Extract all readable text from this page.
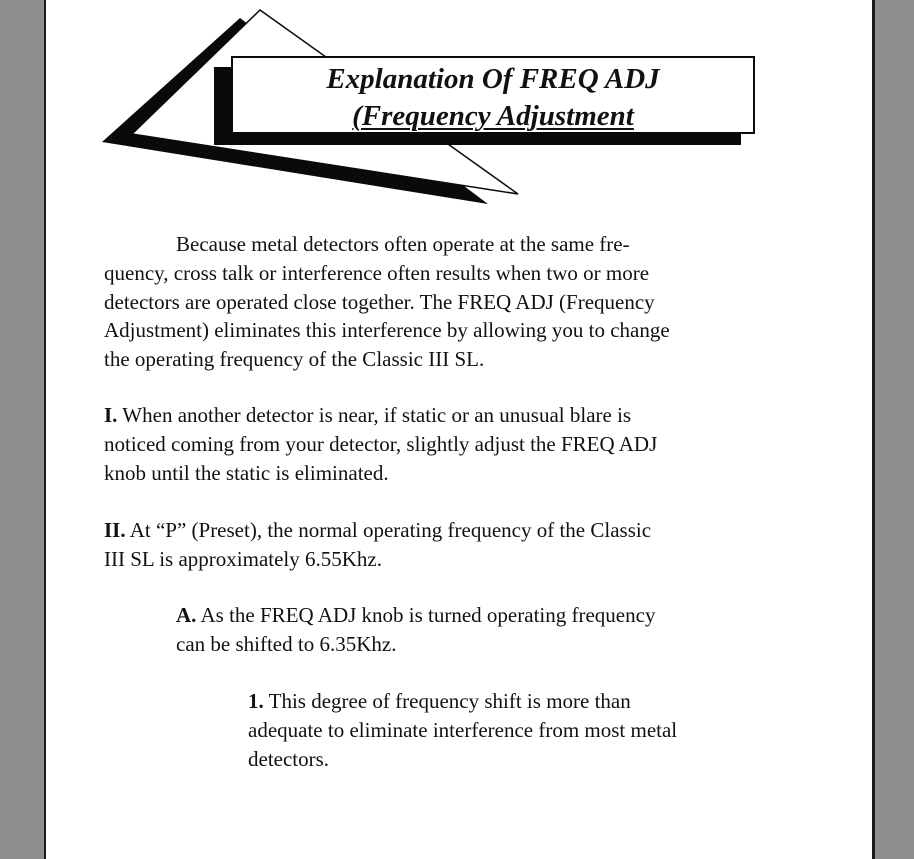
Explanation Of FREQ ADJ
(Frequency Adjustment
Because metal detectors often operate at the same fre-
quency, cross talk or interference often results when two or more
detectors are operated close together. The FREQ ADJ (Frequency
Adjustment) eliminates this interference by allowing you to change
the operating frequency of the Classic III SL.
I. When another detector is near, if static or an unusual blare is
noticed coming from your detector, slightly adjust the FREQ ADJ
knob until the static is eliminated.
II. At “P” (Preset), the normal operating frequency of the Classic
III SL is approximately 6.55Khz.
A. As the FREQ ADJ knob is turned operating frequency
can be shifted to 6.35Khz.
1. This degree of frequency shift is more than
adequate to eliminate interference from most metal
detectors.
